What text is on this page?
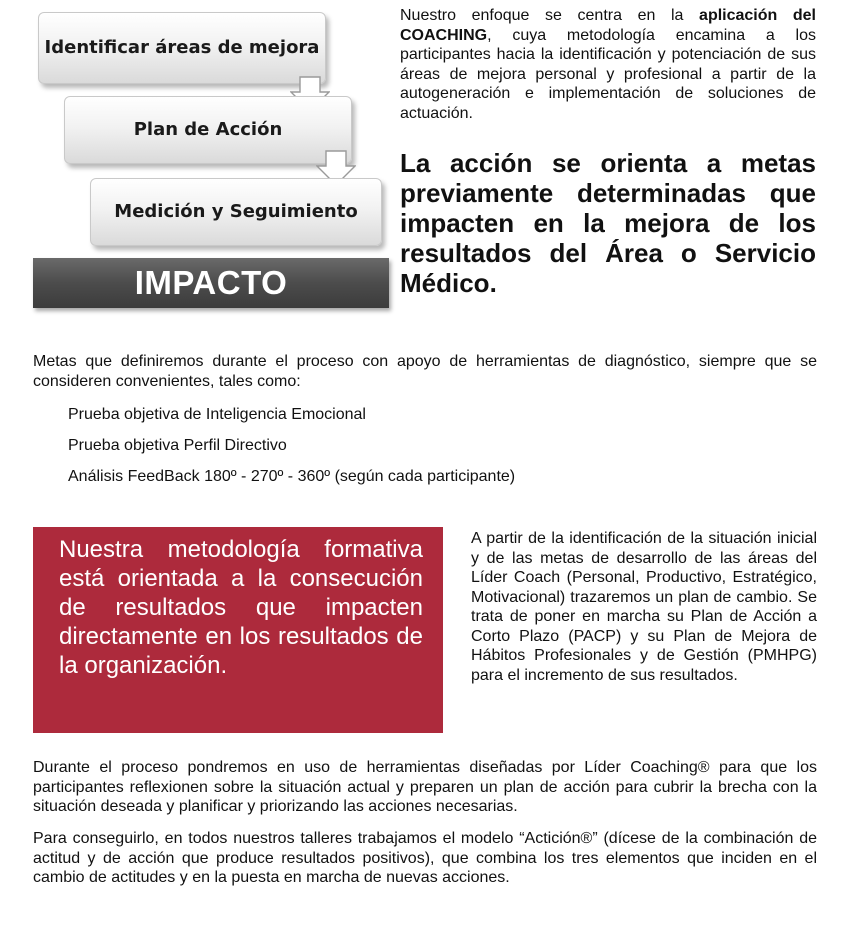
Identificar áreas de mejora
Plan de Acción
Medición y Seguimiento
IMPACTO

Nuestro enfoque se centra en la aplicación del COACHING, cuya metodología encamina a los participantes hacia la identificación y potenciación de sus áreas de mejora personal y profesional a partir de la autogeneración e implementación de soluciones de actuación.

La acción se orienta a metas previamente determinadas que impacten en la mejora de los resultados del Área o Servicio Médico.

Metas que definiremos durante el proceso con apoyo de herramientas de diagnóstico, siempre que se consideren convenientes, tales como:

Prueba objetiva de Inteligencia Emocional
Prueba objetiva Perfil Directivo
Análisis FeedBack 180º - 270º - 360º (según cada participante)

Nuestra metodología formativa está orientada a la consecución de resultados que impacten directamente en los resultados de la organización.

A partir de la identificación de la situación inicial y de las metas de desarrollo de las áreas del Líder Coach (Personal, Productivo, Estratégico, Motivacional) trazaremos un plan de cambio. Se trata de poner en marcha su Plan de Acción a Corto Plazo (PACP) y su Plan de Mejora de Hábitos Profesionales y de Gestión (PMHPG) para el incremento de sus resultados.

Durante el proceso pondremos en uso de herramientas diseñadas por Líder Coaching® para que los participantes reflexionen sobre la situación actual y preparen un plan de acción para cubrir la brecha con la situación deseada y planificar y priorizando las acciones necesarias.

Para conseguirlo, en todos nuestros talleres trabajamos el modelo “Actición®” (dícese de la combinación de actitud y de acción que produce resultados positivos), que combina los tres elementos que inciden en el cambio de actitudes y en la puesta en marcha de nuevas acciones.
